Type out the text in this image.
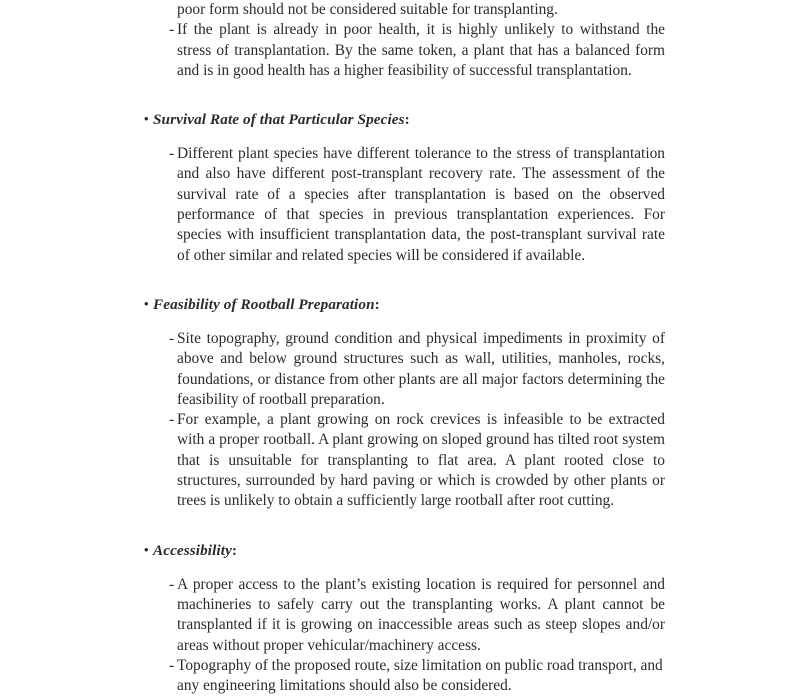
poor form should not be considered suitable for transplanting.
- If the plant is already in poor health, it is highly unlikely to withstand the stress of transplantation. By the same token, a plant that has a balanced form and is in good health has a higher feasibility of successful transplantation.
• Survival Rate of that Particular Species:
- Different plant species have different tolerance to the stress of transplantation and also have different post-transplant recovery rate. The assessment of the survival rate of a species after transplantation is based on the observed performance of that species in previous transplantation experiences. For species with insufficient transplantation data, the post-transplant survival rate of other similar and related species will be considered if available.
• Feasibility of Rootball Preparation:
- Site topography, ground condition and physical impediments in proximity of above and below ground structures such as wall, utilities, manholes, rocks, foundations, or distance from other plants are all major factors determining the feasibility of rootball preparation.
- For example, a plant growing on rock crevices is infeasible to be extracted with a proper rootball. A plant growing on sloped ground has tilted root system that is unsuitable for transplanting to flat area. A plant rooted close to structures, surrounded by hard paving or which is crowded by other plants or trees is unlikely to obtain a sufficiently large rootball after root cutting.
• Accessibility:
- A proper access to the plant’s existing location is required for personnel and machineries to safely carry out the transplanting works. A plant cannot be transplanted if it is growing on inaccessible areas such as steep slopes and/or areas without proper vehicular/machinery access.
- Topography of the proposed route, size limitation on public road transport, and any engineering limitations should also be considered.
